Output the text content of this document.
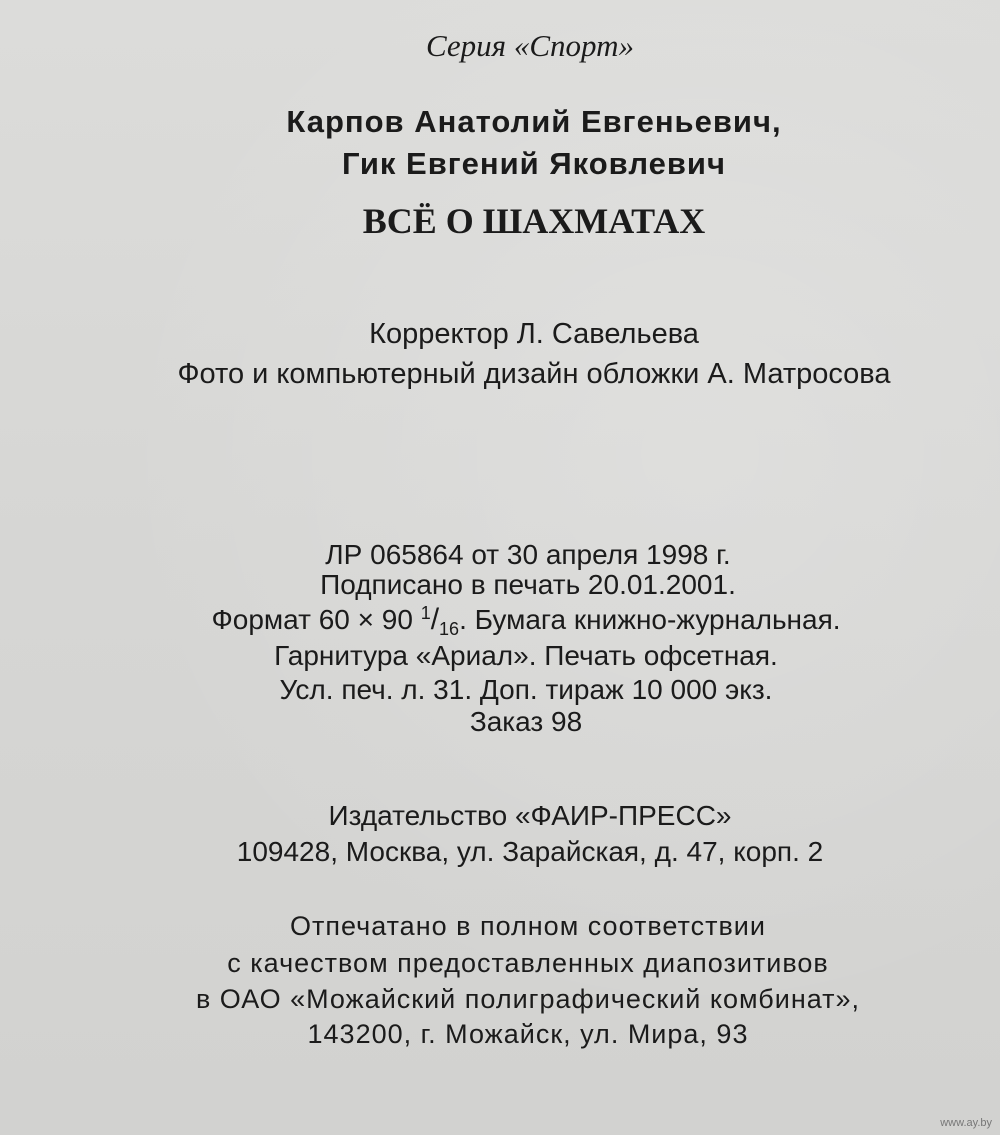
Серия «Спорт»
Карпов Анатолий Евгеньевич,
Гик Евгений Яковлевич
ВСЁ О ШАХМАТАХ
Корректор Л. Савельева
Фото и компьютерный дизайн обложки А. Матросова
ЛР 065864 от 30 апреля 1998 г.
Подписано в печать 20.01.2001.
Формат 60 × 90 $^1/_{16}$. Бумага книжно-журнальная.
Гарнитура «Ариал». Печать офсетная.
Усл. печ. л. 31. Доп. тираж 10 000 экз.
Заказ 98
Издательство «ФАИР-ПРЕСС»
109428, Москва, ул. Зарайская, д. 47, корп. 2
Отпечатано в полном соответствии
с качеством предоставленных диапозитивов
в ОАО «Можайский полиграфический комбинат»,
143200, г. Можайск, ул. Мира, 93
www.ay.by
